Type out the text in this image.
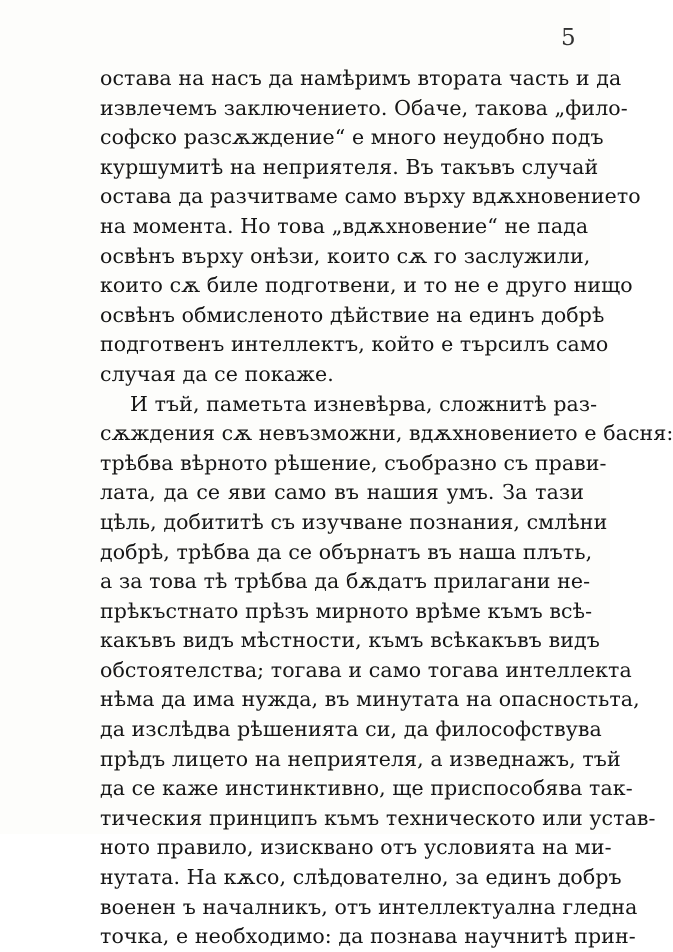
5
остава на насъ да намѣримъ втората часть и да
извлечемъ заключението. Обаче, такова „фило-
софско разсѫждение“ е много неудобно подъ
куршумитѣ на неприятеля. Въ такъвъ случай
остава да разчитваме само върху вдѫхновението
на момента. Но това „вдѫхновение“ не пада
освѣнъ върху онѣзи, които сѫ го заслужили,
които сѫ биле подготвени, и то не е друго нищо
освѣнъ обмисленото дѣйствие на единъ добрѣ
подготвенъ интеллектъ, който е търсилъ само
случая да се покаже.
И тъй, паметьта изневѣрва, сложнитѣ раз-
сѫждения сѫ невъзможни, вдѫхновението е басня:
трѣбва вѣрното рѣшение, съобразно съ прави-
лата, да се яви само въ нашия умъ. За тази
цѣль, добититѣ съ изучване познания, смлѣни
добрѣ, трѣбва да се обърнатъ въ наша плъть,
а за това тѣ трѣбва да бѫдатъ прилагани не-
прѣкъстнато прѣзъ мирното врѣме къмъ всѣ-
какъвъ видъ мѣстности, къмъ всѣкакъвъ видъ
обстоятелства; тогава и само тогава интеллекта
нѣма да има нужда, въ минутата на опасностьта,
да изслѣдва рѣшенията си, да философствува
прѣдъ лицето на неприятеля, а изведнажъ, тъй
да се каже инстинктивно, ще приспособява так-
тическия принципъ къмъ техническото или устав-
ното правило, изисквано отъ условията на ми-
нутата. На кѫсо, слѣдователно, за единъ добръ
военен ъ началникъ, отъ интеллектуална гледна
точка, е необходимо: да познава научнитѣ прин-
